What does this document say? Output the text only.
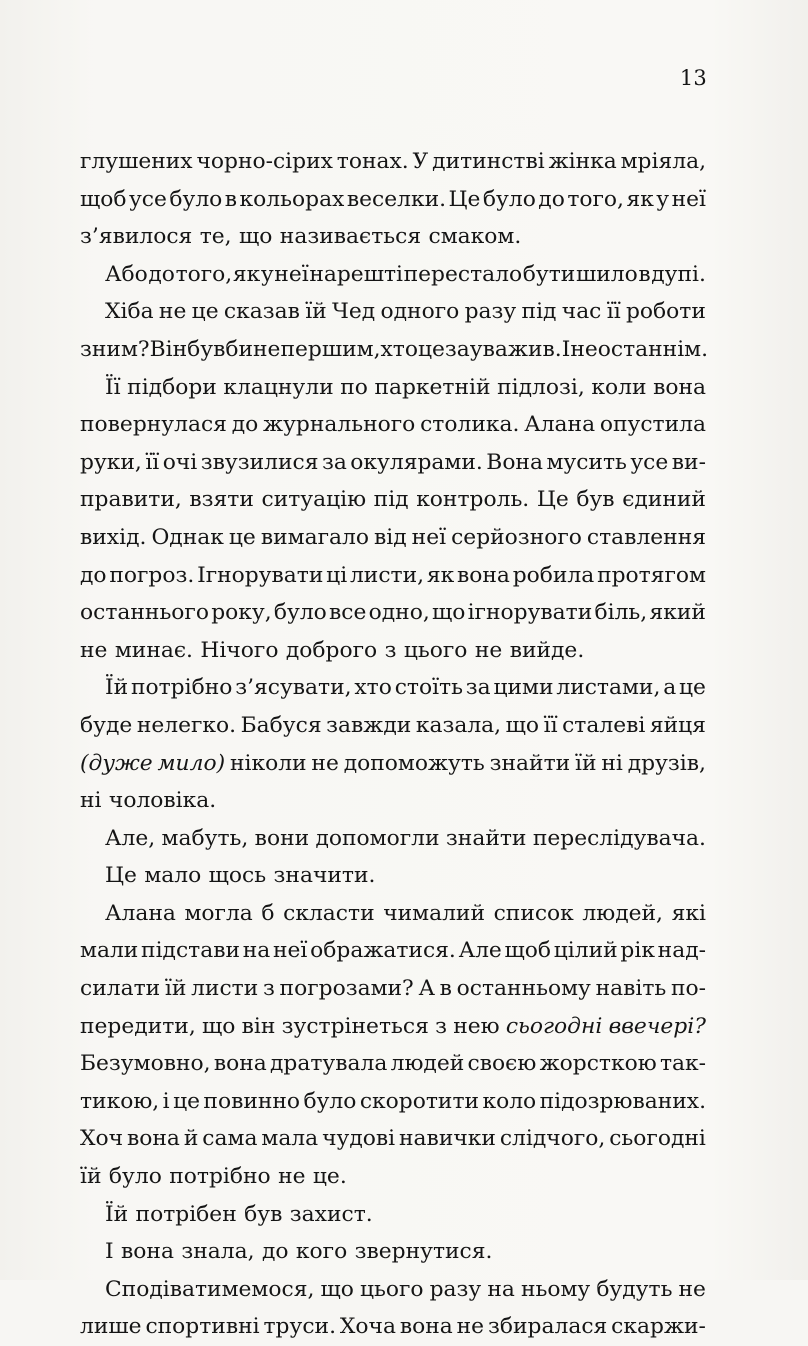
13
глушених чорно-сірих тонах. У дитинстві жінка мріяла,
щоб усе було в кольорах веселки. Це було до того, як у неї
з’явилося те, що називається смаком.
Або до того, як у неї нарешті перестало бути шило в дупі.
Хіба не це сказав їй Чед одного разу під час її роботи
з ним? Він був би не першим, хто це зауважив. І не останнім.
Її підбори клацнули по паркетній підлозі, коли вона
повернулася до журнального столика. Алана опустила
руки, її очі звузилися за окулярами. Вона мусить усе ви-
правити, взяти ситуацію під контроль. Це був єдиний
вихід. Однак це вимагало від неї серйозного ставлення
до погроз. Ігнорувати ці листи, як вона робила протягом
останнього року, було все одно, що ігнорувати біль, який
не минає. Нічого доброго з цього не вийде.
Їй потрібно з’ясувати, хто стоїть за цими листами, а це
буде нелегко. Бабуся завжди казала, що її сталеві яйця
(дуже мило) ніколи не допоможуть знайти їй ні друзів,
ні чоловіка.
Але, мабуть, вони допомогли знайти переслідувача.
Це мало щось значити.
Алана могла б скласти чималий список людей, які
мали підстави на неї ображатися. Але щоб цілий рік над-
силати їй листи з погрозами? А в останньому навіть по-
передити, що він зустрінеться з нею сьогодні ввечері?
Безумовно, вона дратувала людей своєю жорсткою так-
тикою, і це повинно було скоротити коло підозрюваних.
Хоч вона й сама мала чудові навички слідчого, сьогодні
їй було потрібно не це.
Їй потрібен був захист.
І вона знала, до кого звернутися.
Сподіватимемося, що цього разу на ньому будуть не
лише спортивні труси. Хоча вона не збиралася скаржи-
